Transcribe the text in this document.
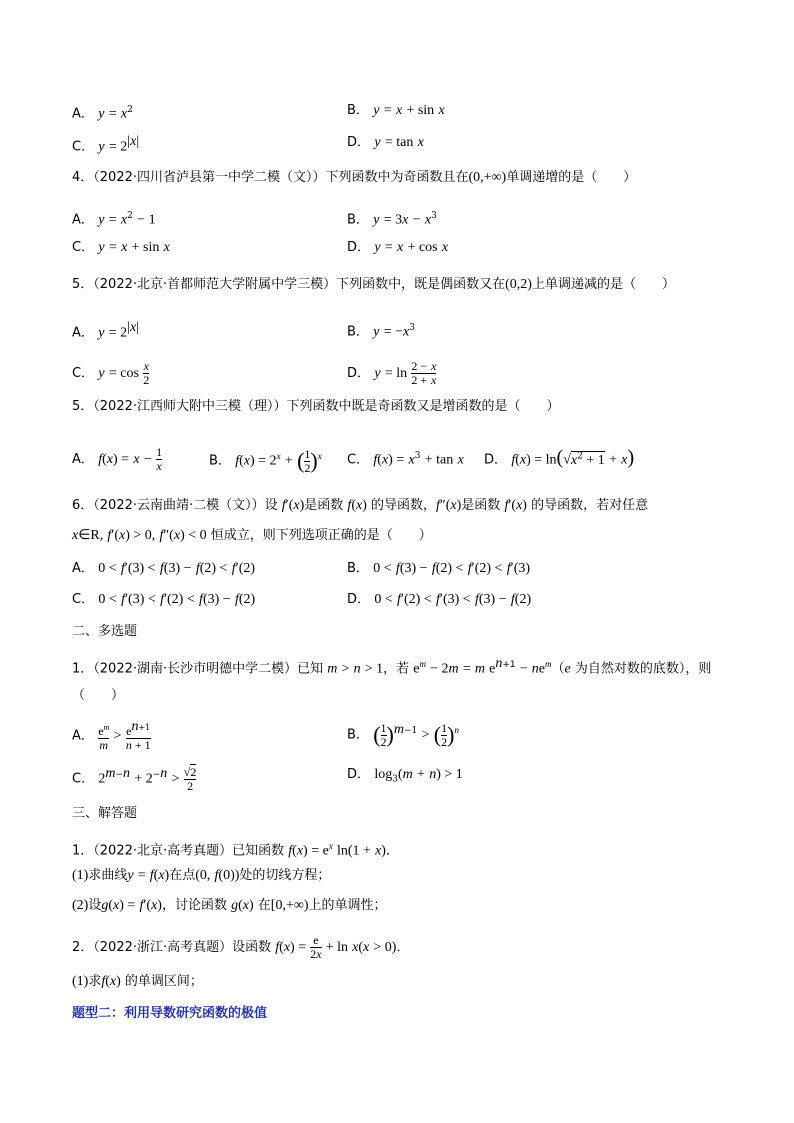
A． $y = x^2$	B． y = x + sin x
C． $y = 2^{|x|}$	D． y = tan x
4．（2022·四川省泸县第一中学二模（文））下列函数中为奇函数且在(0,+∞)单调递增的是（　　）
A． $y = x^2 - 1$	B． $y = 3x - x^3$
C． y = x + sin x	D． y = x + cos x
5．（2022·北京·首都师范大学附属中学三模）下列函数中，既是偶函数又在(0,2)上单调递减的是（　　）
A． $y = 2^{|x|}$	B． $y = -x^3$
C． $y = \cos \frac{x}{2}$	D． $y = \ln \frac{2 - x}{2 + x}$
5．（2022·江西师大附中三模（理））下列函数中既是奇函数又是增函数的是（　　）
A． $f(x) = x - \frac{1}{x}$	B． $f(x) = 2^x$ + ( $\frac{1}{2} )^x$ C． $f(x) = x^3 + \tan x$ D． $f(x) = \ln(√x^2 + 1 + x)$
6．（2022·云南曲靖·二模（文））设 f′(x)是函数 f(x) 的导函数，f″(x)是函数 f′(x) 的导函数，若对任意
x∈R, f′(x) > 0, f″(x) < 0 恒成立，则下列选项正确的是（　　）
A． 0 < f′(3) < f(3) − f(2) < f′(2)	B． 0 < f(3) − f(2) < f′(2) < f′(3)
C． 0 < f′(3) < f′(2) < f(3) − f(2)	D． 0 < f′(2) < f′(3) < f(3) − f(2)
二、多选题
1．（2022·湖南·长沙市明德中学二模）已知 m > n > 1，若 $e^m - 2m = m$ $e^{n+1} - ne^m(e$ 为自然对数的底数），则
（　　）
A． $\frac{e^m}{m} > \frac{e^{n+1}}{n + 1}$	B． ( $\frac{1}{2} )^{m-1}$ > ( $\frac{1}{2} )^n$
C． $2^{m-n} + 2^{-n} > \frac{√2}{2}$	D． $\log_3(m + n) > 1$
三、解答题
1．（2022·北京·高考真题）已知函数 $f(x) = e^x$ ln(1 + x)．
(1)求曲线y = f(x)在点(0, f(0))处的切线方程；
(2)设g(x) = f′(x)，讨论函数 g(x) 在[0,+∞)上的单调性；
2．（2022·浙江·高考真题）设函数 $f(x) = \frac{e}{2x} + \ln x(x > 0)$．
(1)求f(x) 的单调区间；
题型二：利用导数研究函数的极值
